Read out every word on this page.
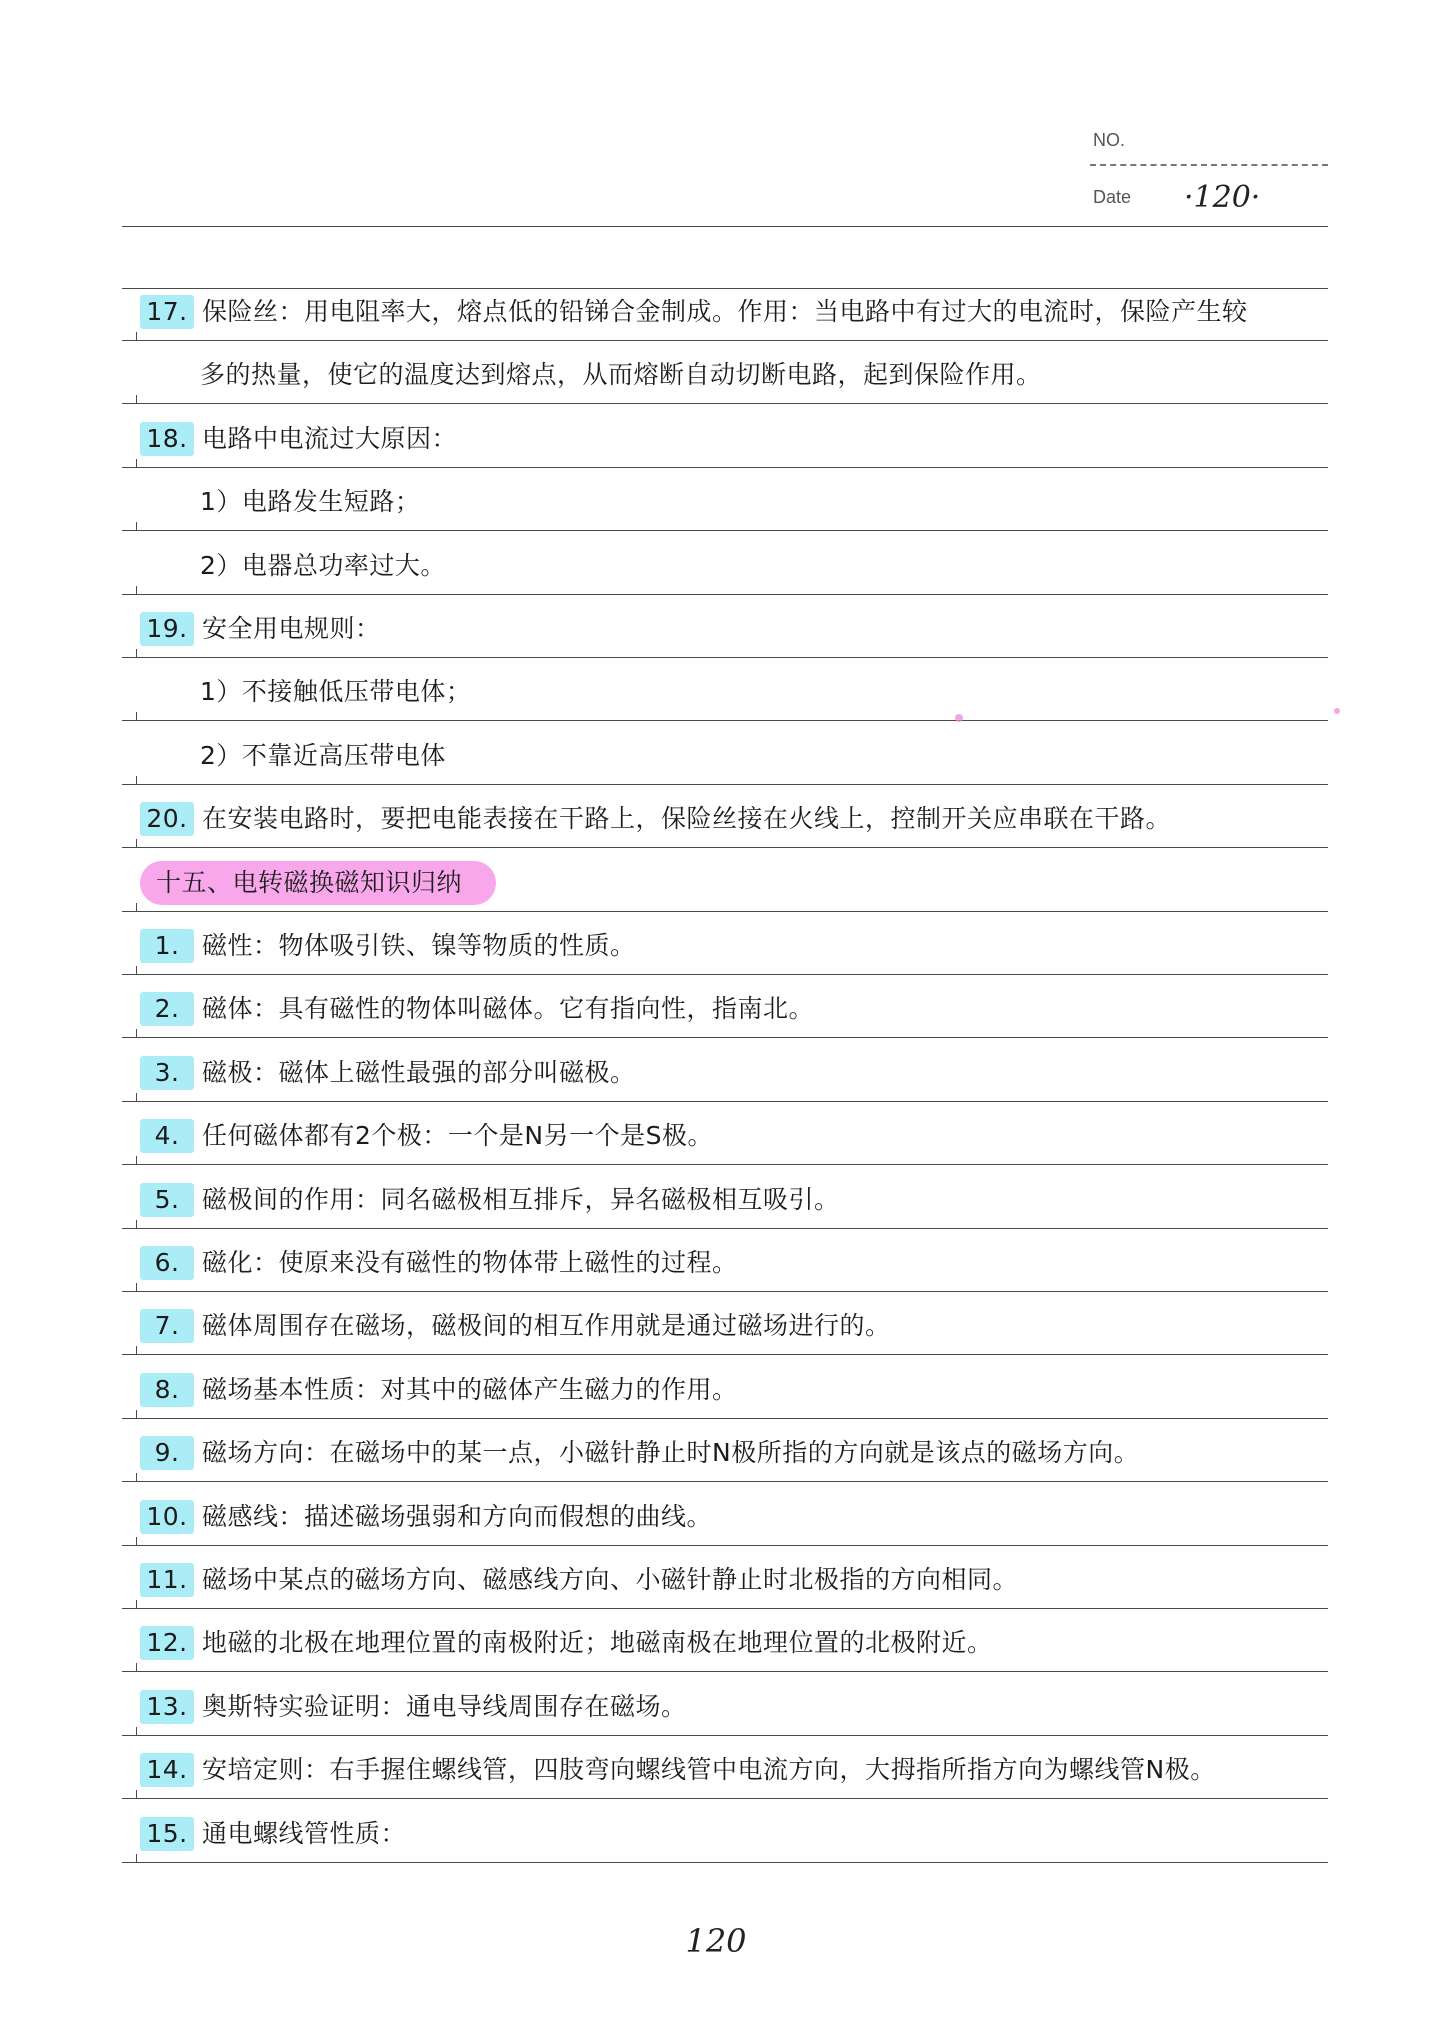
NO.
Date ·120·
17. 保险丝：用电阻率大，熔点低的铅锑合金制成。作用：当电路中有过大的电流时，保险产生较
多的热量，使它的温度达到熔点，从而熔断自动切断电路，起到保险作用。
18. 电路中电流过大原因：
1）电路发生短路；
2）电器总功率过大。
19. 安全用电规则：
1）不接触低压带电体；
2）不靠近高压带电体
20. 在安装电路时，要把电能表接在干路上，保险丝接在火线上，控制开关应串联在干路。
十五、电转磁换磁知识归纳
1. 磁性：物体吸引铁、镍等物质的性质。
2. 磁体：具有磁性的物体叫磁体。它有指向性，指南北。
3. 磁极：磁体上磁性最强的部分叫磁极。
4. 任何磁体都有2个极：一个是N另一个是S极。
5. 磁极间的作用：同名磁极相互排斥，异名磁极相互吸引。
6. 磁化：使原来没有磁性的物体带上磁性的过程。
7. 磁体周围存在磁场，磁极间的相互作用就是通过磁场进行的。
8. 磁场基本性质：对其中的磁体产生磁力的作用。
9. 磁场方向：在磁场中的某一点，小磁针静止时N极所指的方向就是该点的磁场方向。
10. 磁感线：描述磁场强弱和方向而假想的曲线。
11. 磁场中某点的磁场方向、磁感线方向、小磁针静止时北极指的方向相同。
12. 地磁的北极在地理位置的南极附近；地磁南极在地理位置的北极附近。
13. 奥斯特实验证明：通电导线周围存在磁场。
14. 安培定则：右手握住螺线管，四肢弯向螺线管中电流方向，大拇指所指方向为螺线管N极。
15. 通电螺线管性质：
120
